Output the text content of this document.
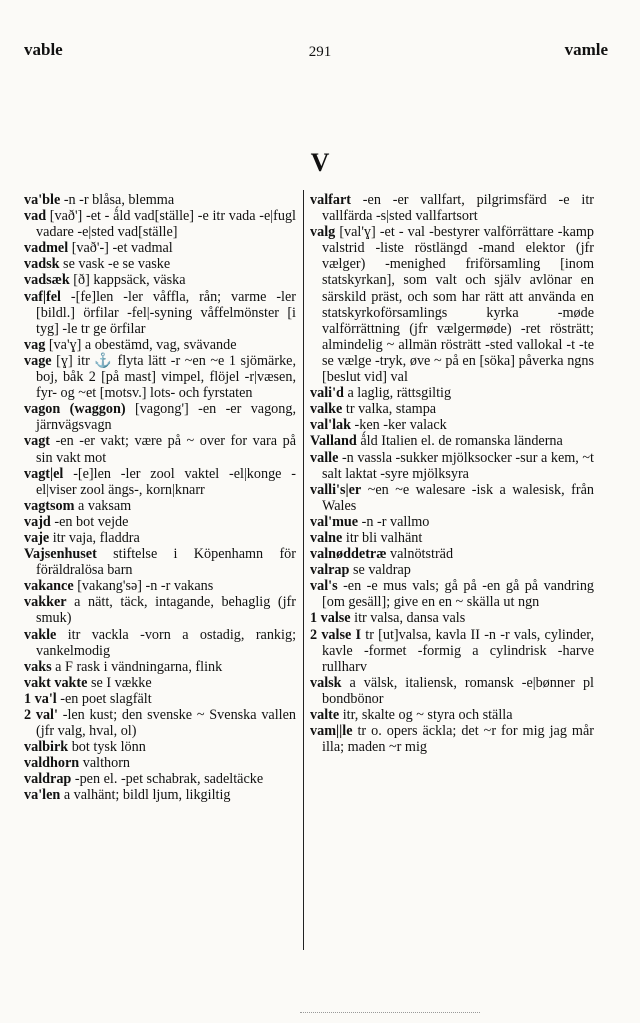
vable	291	vamle
V
va'ble -n -r blåsa, blemma
vad [vað'] -et - ǻld vad[ställe] -e itr vada -e|fugl vadare -e|sted vad[ställe]
vadmel [vað'-] -et vadmal
vadsk se vask -e se vaske
vadsæk [ð] kappsäck, väska
vaf|fel -[fe]len -ler våffla, rån; varme -ler [bildl.] örfilar -fel|-syning våffelmönster [i tyg] -le tr ge örfilar
vag [va'ɣ] a obestämd, vag, svävande
vage [ɣ] itr ⚓ flyta lätt -r ~en ~e 1 sjömärke, boj, båk 2 [på mast] vimpel, flöjel -r|væsen, fyr- og ~et [motsv.] lots- och fyrstaten
vagon (waggon) [vagong'] -en -er vagong, järnvägsvagn
vagt -en -er vakt; være på ~ over for vara på sin vakt mot
vagt|el -[e]len -ler zool vaktel -el|konge -el|viser zool ängs-, korn|knarr
vagtsom a vaksam
vajd -en bot vejde
vaje itr vaja, fladdra
Vajsenhuset stiftelse i Köpenhamn för föräldralösa barn
vakance [vakang'sə] -n -r vakans
vakker a nätt, täck, intagande, behaglig (jfr smuk)
vakle itr vackla -vorn a ostadig, rankig; vankelmodig
vaks a F rask i vändningarna, flink
vakt vakte se I vække
1 va'l -en poet slagfält
2 val' -len kust; den svenske ~ Svenska vallen (jfr valg, hval, ol)
valbirk bot tysk lönn
valdhorn valthorn
valdrap -pen el. -pet schabrak, sadeltäcke
va'len a valhänt; bildl ljum, likgiltig
valfart -en -er vallfart, pilgrimsfärd -e itr vallfärda -s|sted vallfartsort
valg [val'ɣ] -et - val -bestyrer valförrättare -kamp valstrid -liste röstlängd -mand elektor (jfr vælger) -menighed friförsamling [inom statskyrkan], som valt och själv avlönar en särskild präst, och som har rätt att använda en statskyrkoförsamlings kyrka -møde valförrättning (jfr vælgermøde) -ret rösträtt; almindelig ~ allmän rösträtt -sted vallokal -t -te se vælge -tryk, øve ~ på en [söka] påverka ngns [beslut vid] val
vali'd a laglig, rättsgiltig
valke tr valka, stampa
val'lak -ken -ker valack
Valland ǻld Italien el. de romanska länderna
valle -n vassla -sukker mjölksocker -sur a kem, ~t salt laktat -syre mjölksyra
valli's|er ~en ~e walesare -isk a walesisk, från Wales
val'mue -n -r vallmo
valne itr bli valhänt
valnøddetræ valnötsträd
valrap se valdrap
val's -en -e mus vals; gå på -en gå på vandring [om gesäll]; give en en ~ skälla ut ngn
1 valse itr valsa, dansa vals
2 valse I tr [ut]valsa, kavla II -n -r vals, cylinder, kavle -formet -formig a cylindrisk -harve rullharv
valsk a välsk, italiensk, romansk -e|bønner pl bondbönor
valte itr, skalte og ~ styra och ställa
vam||le tr o. opers äckla; det ~r for mig jag mår illa; maden ~r mig
